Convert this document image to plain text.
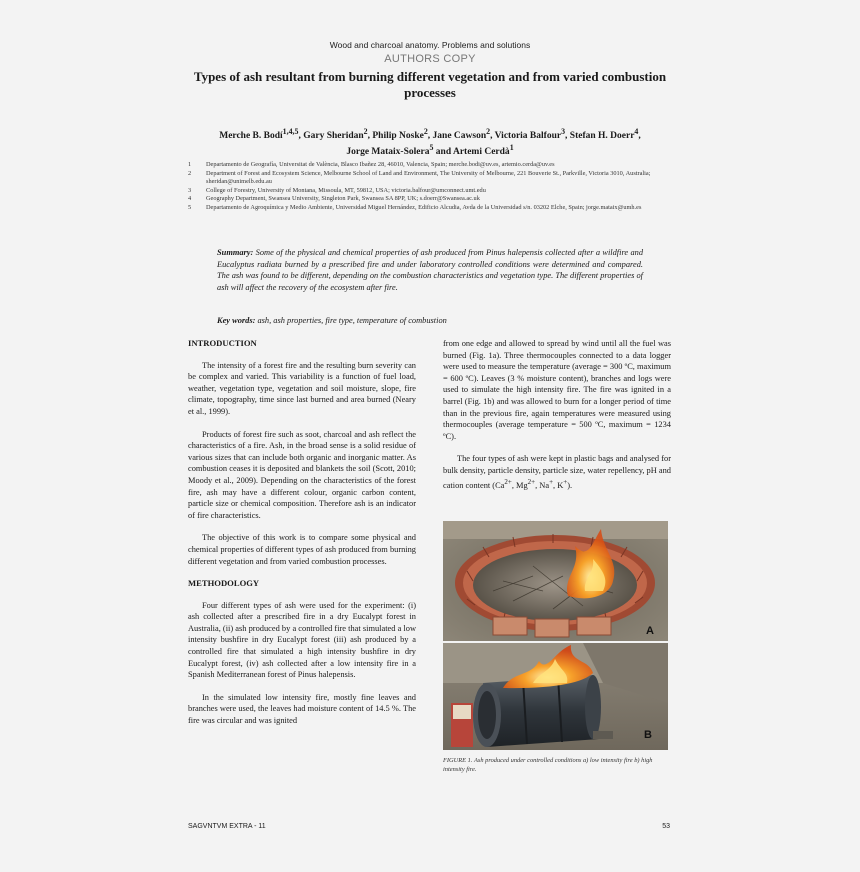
Wood and charcoal anatomy. Problems and solutions
AUTHORS COPY
Types of ash resultant from burning different vegetation and from varied combustion processes
Merche B. Bodí$^{1,4,5}$, Gary Sheridan$^2$, Philip Noske$^2$, Jane Cawson$^2$, Victoria Balfour$^3$, Stefan H. Doerr$^4$,
Jorge Mataix-Solera$^5$ and Artemi Cerdà$^1$
1	Departamento de Geografía, Universitat de València, Blasco Ibañez 28, 46010, Valencia, Spain; merche.bodi@uv.es, artemio.cerda@uv.es
2	Department of Forest and Ecosystem Science, Melbourne School of Land and Environment, The University of Melbourne, 221 Bouverie St., Parkville, Victoria 3010, Australia; sheridan@unimelb.edu.au
3	College of Forestry, University of Montana, Missoula, MT, 59812, USA; victoria.balfour@umconnect.umt.edu
4	Geography Department, Swansea University, Singleton Park, Swansea SA 8PP, UK; s.doerr@Swansea.ac.uk
5	Departamento de Agroquímica y Medio Ambiente, Universidad Miguel Hernández, Edificio Alcudia, Avda de la Universidad s/n. 03202 Elche, Spain; jorge.mataix@umh.es
Summary: Some of the physical and chemical properties of ash produced from Pinus halepensis collected after a wildfire and Eucalyptus radiata burned by a prescribed fire and under laboratory controlled conditions were determined and compared. The ash was found to be different, depending on the combustion characteristics and vegetation type. The different properties of ash will affect the recovery of the ecosystem after fire.
Key words: ash, ash properties, fire type, temperature of combustion
INTRODUCTION

The intensity of a forest fire and the resulting burn severity can be complex and varied. This variability is a function of fuel load, weather, vegetation type, vegetation and soil moisture, slope, fire climate, topography, time since last burned and area burned (Neary et al., 1999).

Products of forest fire such as soot, charcoal and ash reflect the characteristics of a fire. Ash, in the broad sense is a solid residue of various sizes that can include both organic and inorganic matter. As combustion ceases it is deposited and blankets the soil (Scott, 2010; Moody et al., 2009). Depending on the characteristics of the forest fire, ash may have a different colour, organic carbon content, particle size or chemical composition. Therefore ash is an indicator of fire characteristics.

The objective of this work is to compare some physical and chemical properties of different types of ash produced from burning different vegetation and from varied combustion processes.

METHODOLOGY

Four different types of ash were used for the experiment: (i) ash collected after a prescribed fire in a dry Eucalypt forest in Australia, (ii) ash produced by a controlled fire that simulated a low intensity bushfire in dry Eucalypt forest (iii) ash produced by a controlled fire that simulated a high intensity bushfire in dry Eucalypt forest, (iv) ash collected after a low intensity fire in a Spanish Mediterranean forest of Pinus halepensis.

In the simulated low intensity fire, mostly fine leaves and branches were used, the leaves had moisture content of 14.5 %. The fire was circular and was ignited

from one edge and allowed to spread by wind until all the fuel was burned (Fig. 1a). Three thermocouples connected to a data logger were used to measure the temperature (average = 300 ºC, maximum = 600 ºC). Leaves (3 % moisture content), branches and logs were used to simulate the high intensity fire. The fire was ignited in a barrel (Fig. 1b) and was allowed to burn for a longer period of time than in the previous fire, again temperatures were measured using thermocouples (average temperature = 500 ºC, maximum = 1234 ºC).

The four types of ash were kept in plastic bags and analysed for bulk density, particle density, particle size, water repellency, pH and cation content ($Ca^{2+}$, $Mg^{2+}$, Na+, K+).

A
B
FIGURE 1. Ash produced under controlled conditions a) low intensity fire b) high intensity fire.
SAGVNTVM EXTRA - 11	53
